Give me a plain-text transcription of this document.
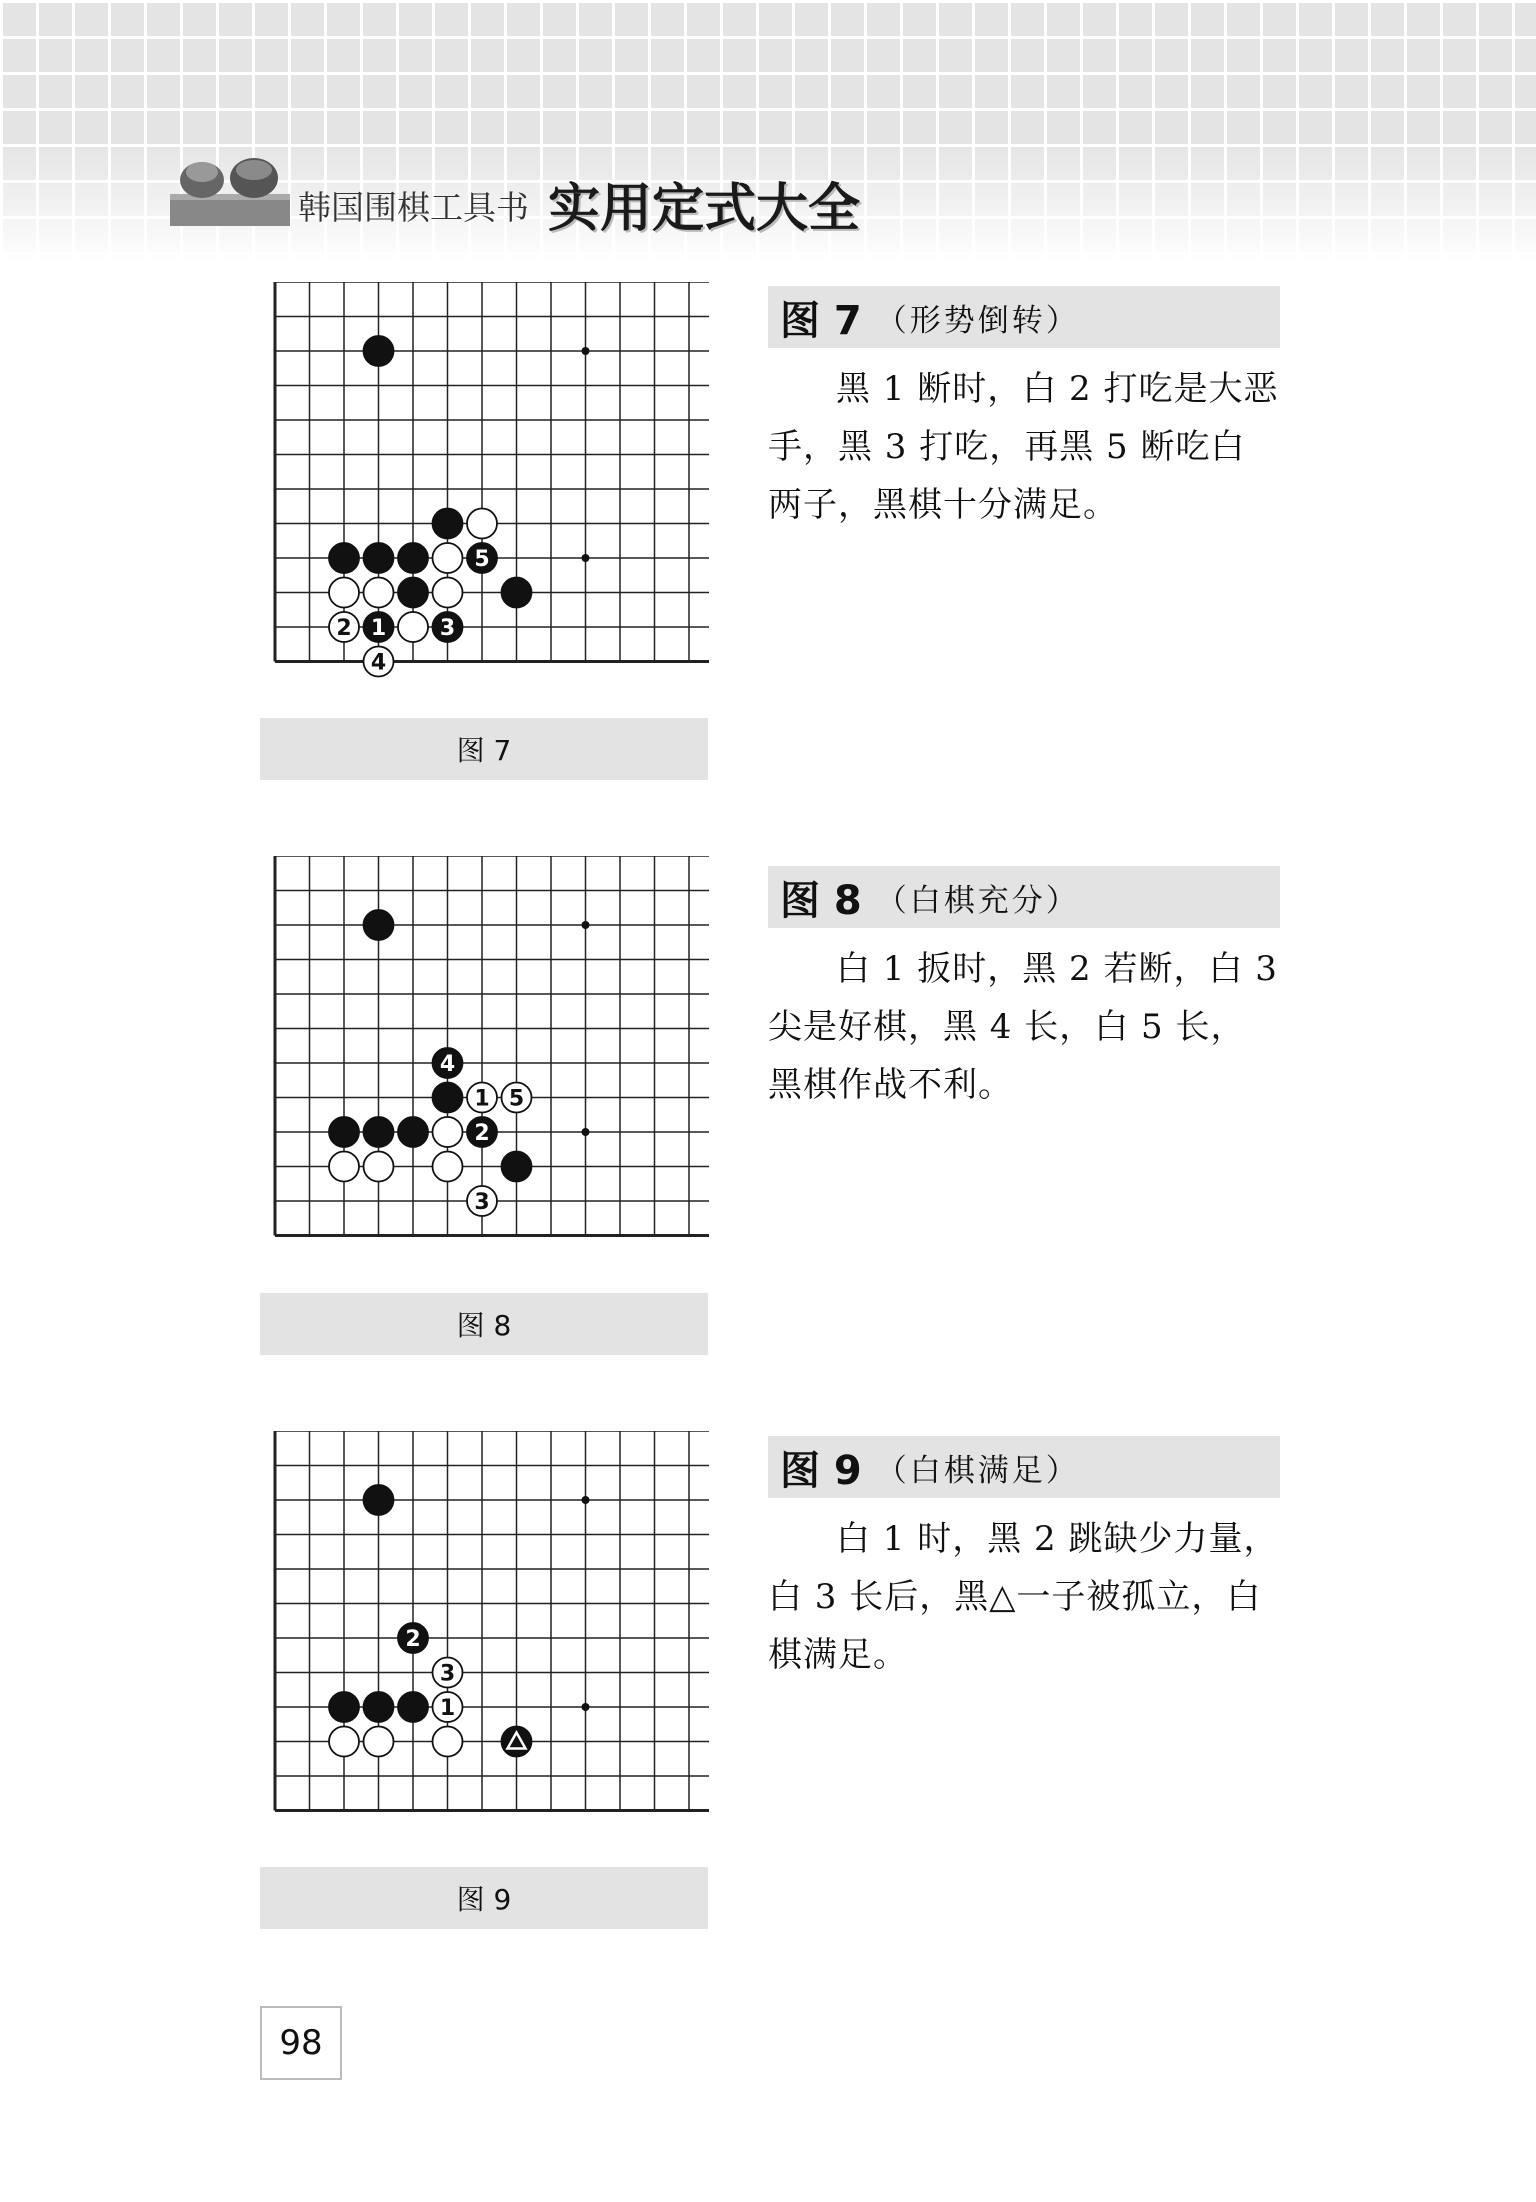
韩国围棋工具书 实用定式大全
5
2 1 3
4
图 7
图 7 （形势倒转）
黑 1 断时，白 2 打吃是大恶手，黑 3 打吃，再黑 5 断吃白两子，黑棋十分满足。
4
1 5
2
3
图 8
图 8 （白棋充分）
白 1 扳时，黑 2 若断，白 3 尖是好棋，黑 4 长，白 5 长，黑棋作战不利。
2
3
1
图 9
图 9 （白棋满足）
白 1 时，黑 2 跳缺少力量，白 3 长后，黑△一子被孤立，白棋满足。
98
